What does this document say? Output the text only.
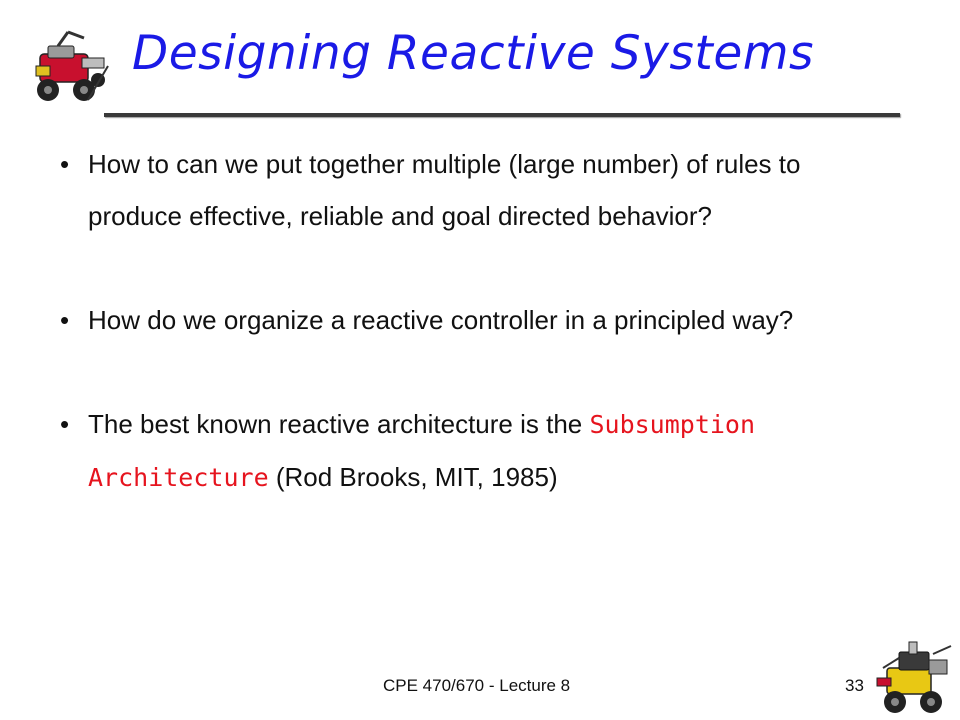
Designing Reactive Systems
• How to can we put together multiple (large number) of rules to produce effective, reliable and goal directed behavior?
• How do we organize a reactive controller in a principled way?
• The best known reactive architecture is the Subsumption Architecture (Rod Brooks, MIT, 1985)
CPE 470/670 - Lecture 8	33
